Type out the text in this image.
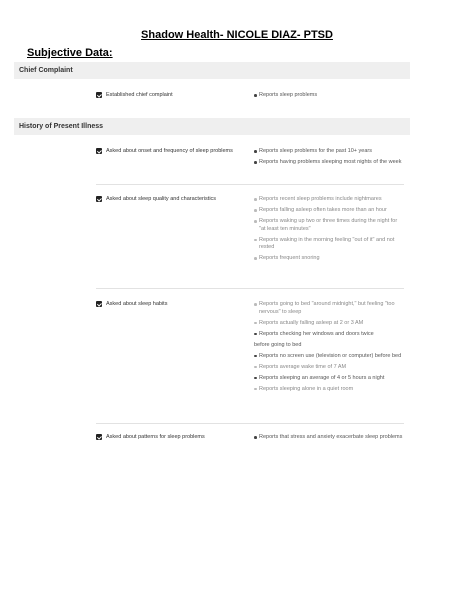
Shadow Health- NICOLE DIAZ- PTSD
Subjective Data:
Chief Complaint
Established chief complaint	Reports sleep problems
History of Present Illness
Asked about onset and frequency of sleep problems	Reports sleep problems for the past 10+ years
Reports having problems sleeping most nights of the week
Asked about sleep quality and characteristics	Reports recent sleep problems include nightmares
Reports falling asleep often takes more than an hour
Reports waking up two or three times during the night for "at least ten minutes"
Reports waking in the morning feeling "out of it" and not rested
Reports frequent snoring
Asked about sleep habits	Reports going to bed "around midnight," but feeling "too nervous" to sleep
Reports actually falling asleep at 2 or 3 AM
Reports checking her windows and doors twice
before going to bed
Reports no screen use (television or computer) before bed
Reports average wake time of 7 AM
Reports sleeping an average of 4 or 5 hours a night
Reports sleeping alone in a quiet room
Asked about patterns for sleep problems	Reports that stress and anxiety exacerbate sleep problems
